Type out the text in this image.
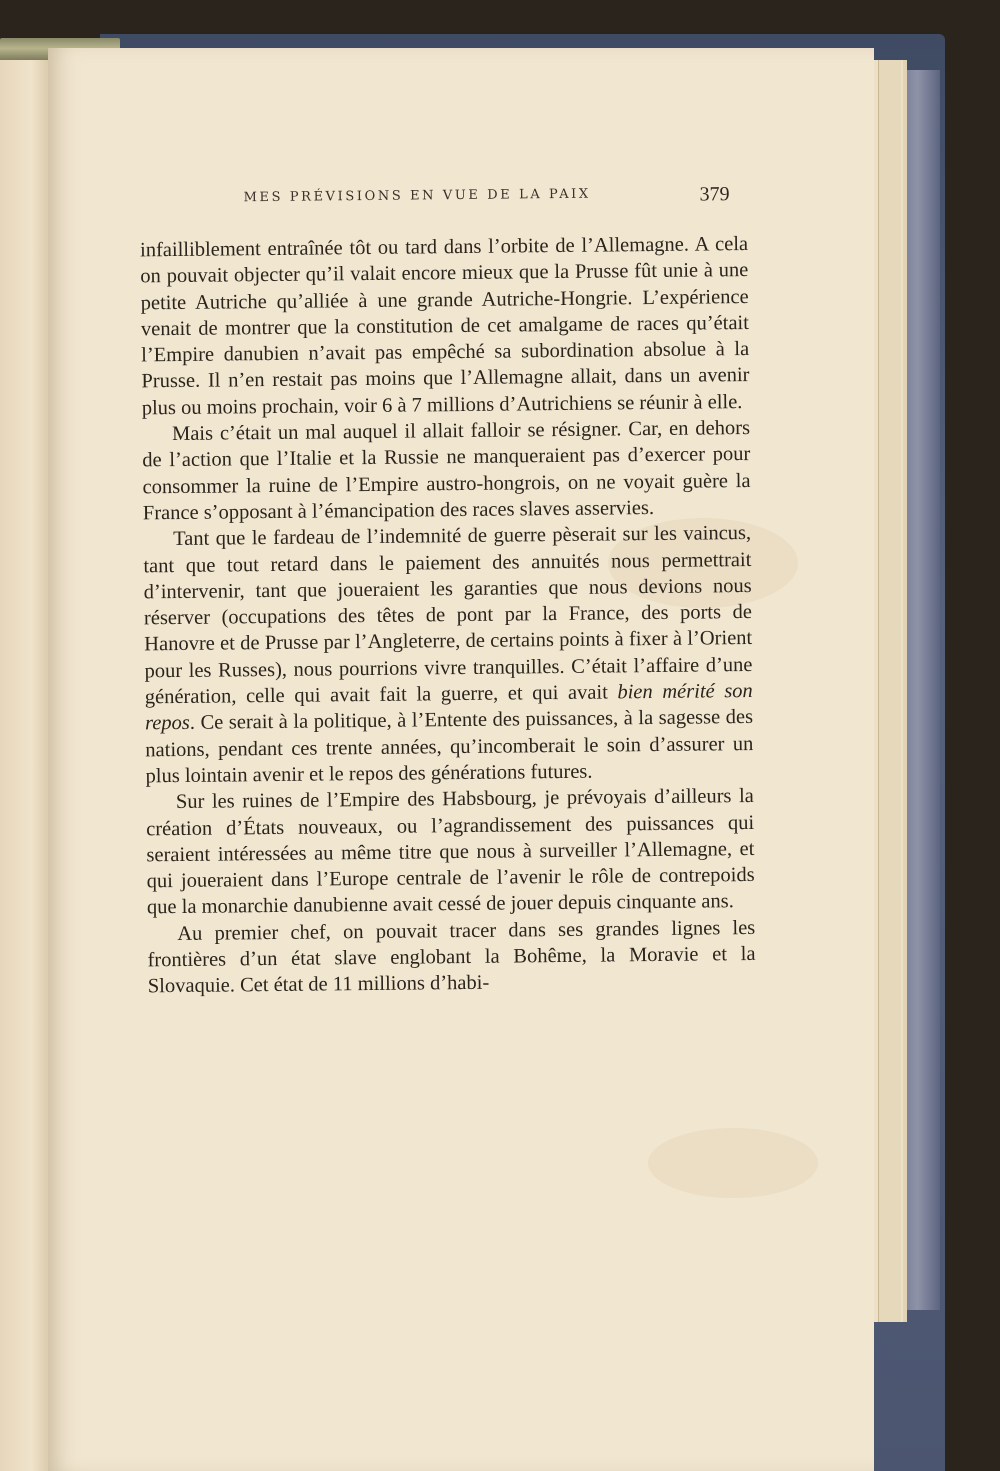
MES PRÉVISIONS EN VUE DE LA PAIX	379

infailliblement entraînée tôt ou tard dans l’orbite de l’Allemagne. A cela on pouvait objecter qu’il valait encore mieux que la Prusse fût unie à une petite Autriche qu’alliée à une grande Autriche-Hongrie. L’expérience venait de montrer que la constitution de cet amalgame de races qu’était l’Empire danubien n’avait pas empêché sa subordination absolue à la Prusse. Il n’en restait pas moins que l’Allemagne allait, dans un avenir plus ou moins prochain, voir 6 à 7 millions d’Autrichiens se réunir à elle.

Mais c’était un mal auquel il allait falloir se résigner. Car, en dehors de l’action que l’Italie et la Russie ne manqueraient pas d’exercer pour consommer la ruine de l’Empire austro-hongrois, on ne voyait guère la France s’opposant à l’émancipation des races slaves asservies.

Tant que le fardeau de l’indemnité de guerre pèserait sur les vaincus, tant que tout retard dans le paiement des annuités nous permettrait d’intervenir, tant que joueraient les garanties que nous devions nous réserver (occupations des têtes de pont par la France, des ports de Hanovre et de Prusse par l’Angleterre, de certains points à fixer à l’Orient pour les Russes), nous pourrions vivre tranquilles. C’était l’affaire d’une génération, celle qui avait fait la guerre, et qui avait bien mérité son repos. Ce serait à la politique, à l’Entente des puissances, à la sagesse des nations, pendant ces trente années, qu’incomberait le soin d’assurer un plus lointain avenir et le repos des générations futures.

Sur les ruines de l’Empire des Habsbourg, je prévoyais d’ailleurs la création d’États nouveaux, ou l’agrandissement des puissances qui seraient intéressées au même titre que nous à surveiller l’Allemagne, et qui joueraient dans l’Europe centrale de l’avenir le rôle de contrepoids que la monarchie danubienne avait cessé de jouer depuis cinquante ans.

Au premier chef, on pouvait tracer dans ses grandes lignes les frontières d’un état slave englobant la Bohême, la Moravie et la Slovaquie. Cet état de 11 millions d’habi-
